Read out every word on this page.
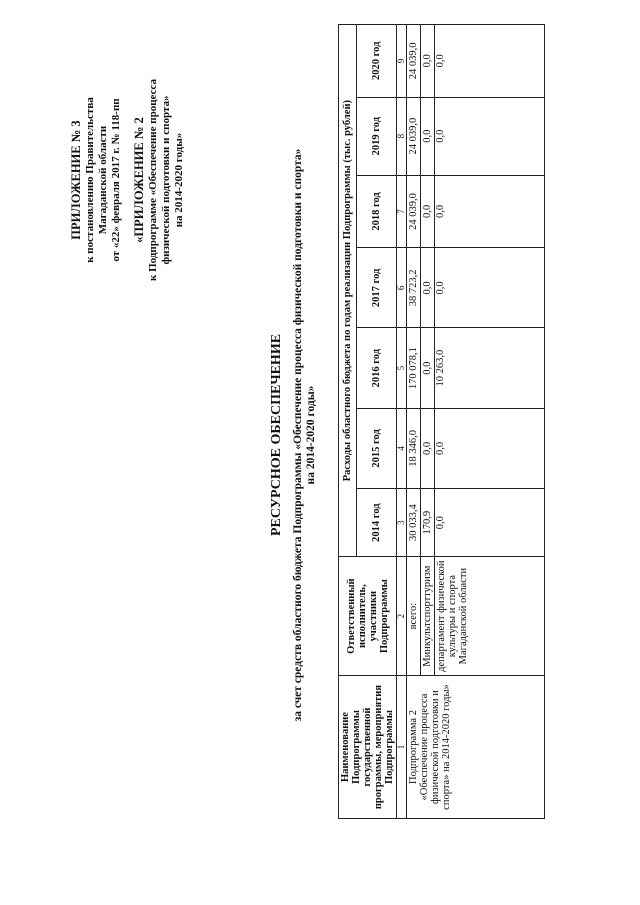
ПРИЛОЖЕНИЕ № 3 к постановлению Правительства Магаданской области от «22» февраля 2017 г. № 118-пп «ПРИЛОЖЕНИЕ № 2 к Подпрограмме «Обеспечение процесса физической подготовки и спорта» на 2014-2020 годы»
РЕСУРСНОЕ ОБЕСПЕЧЕНИЕ за счет средств областного бюджета Подпрограммы «Обеспечение процесса физической подготовки и спорта» на 2014-2020 годы»
Наименование Подпрограммы государственной программы, мероприятия Подпрограммы	Ответственный исполнитель, участники Подпрограммы	Расходы областного бюджета по годам реализации Подпрограммы (тыс. рублей)						
		2014 год	2015 год	2016 год	2017 год	2018 год	2019 год	2020 год
1	2	3	4	5	6	7	8	9
Подпрограмма 2 «Обеспечение процесса физической подготовки и спорта» на 2014-2020 годы»	всего:	30 033,4	18 346,0	170 078,1	38 723,2	24 039,0	24 039,0	24 039,0
	Минкультспорттуризм	170,9	0,0	0,0	0,0	0,0	0,0	0,0
	департамент физической культуры и спорта Магаданской области	0,0	0,0	10 263,0	0,0	0,0	0,0	0,0
